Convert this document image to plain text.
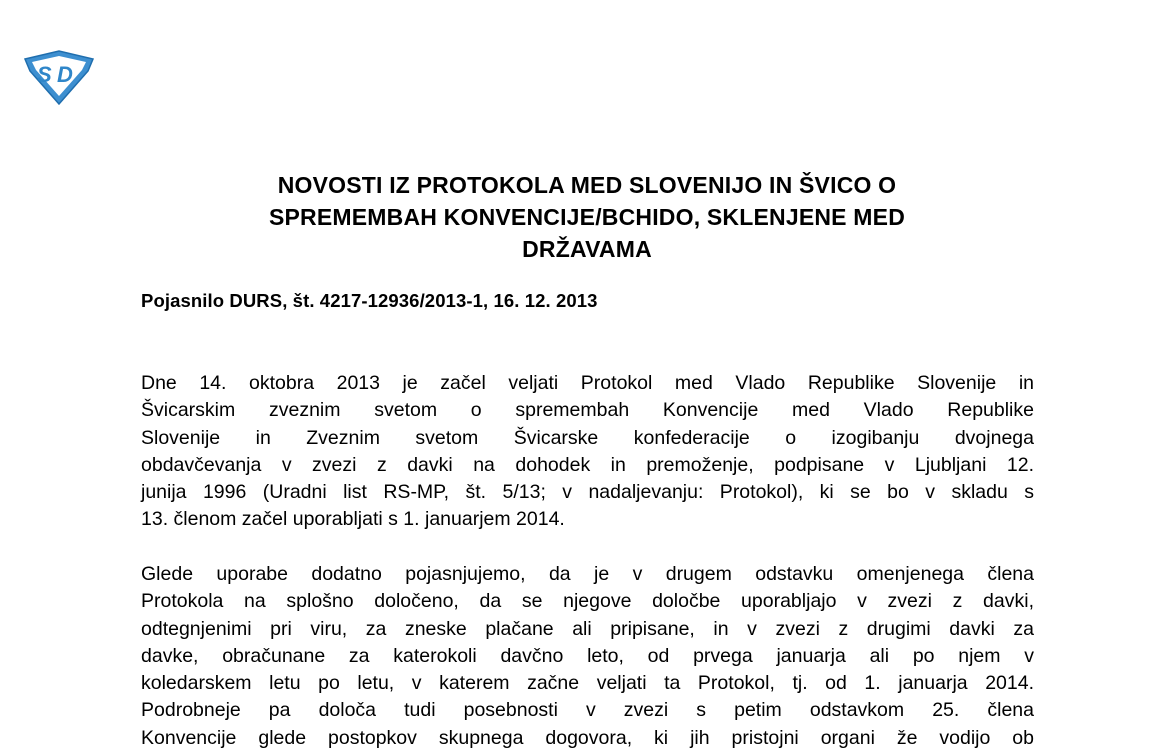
S D
NOVOSTI IZ PROTOKOLA MED SLOVENIJO IN ŠVICO O
SPREMEMBAH KONVENCIJE/BCHIDO, SKLENJENE MED
DRŽAVAMA
Pojasnilo DURS, št. 4217-12936/2013-1, 16. 12. 2013
Dne 14. oktobra 2013 je začel veljati Protokol med Vlado Republike Slovenije in
Švicarskim zveznim svetom o spremembah Konvencije med Vlado Republike
Slovenije in Zveznim svetom Švicarske konfederacije o izogibanju dvojnega
obdavčevanja v zvezi z davki na dohodek in premoženje, podpisane v Ljubljani 12.
junija 1996 (Uradni list RS-MP, št. 5/13; v nadaljevanju: Protokol), ki se bo v skladu s
13. členom začel uporabljati s 1. januarjem 2014.
Glede uporabe dodatno pojasnjujemo, da je v drugem odstavku omenjenega člena
Protokola na splošno določeno, da se njegove določbe uporabljajo v zvezi z davki,
odtegnjenimi pri viru, za zneske plačane ali pripisane, in v zvezi z drugimi davki za
davke, obračunane za katerokoli davčno leto, od prvega januarja ali po njem v
koledarskem letu po letu, v katerem začne veljati ta Protokol, tj. od 1. januarja 2014.
Podrobneje pa določa tudi posebnosti v zvezi s petim odstavkom 25. člena
Konvencije glede postopkov skupnega dogovora, ki jih pristojni organi že vodijo ob
